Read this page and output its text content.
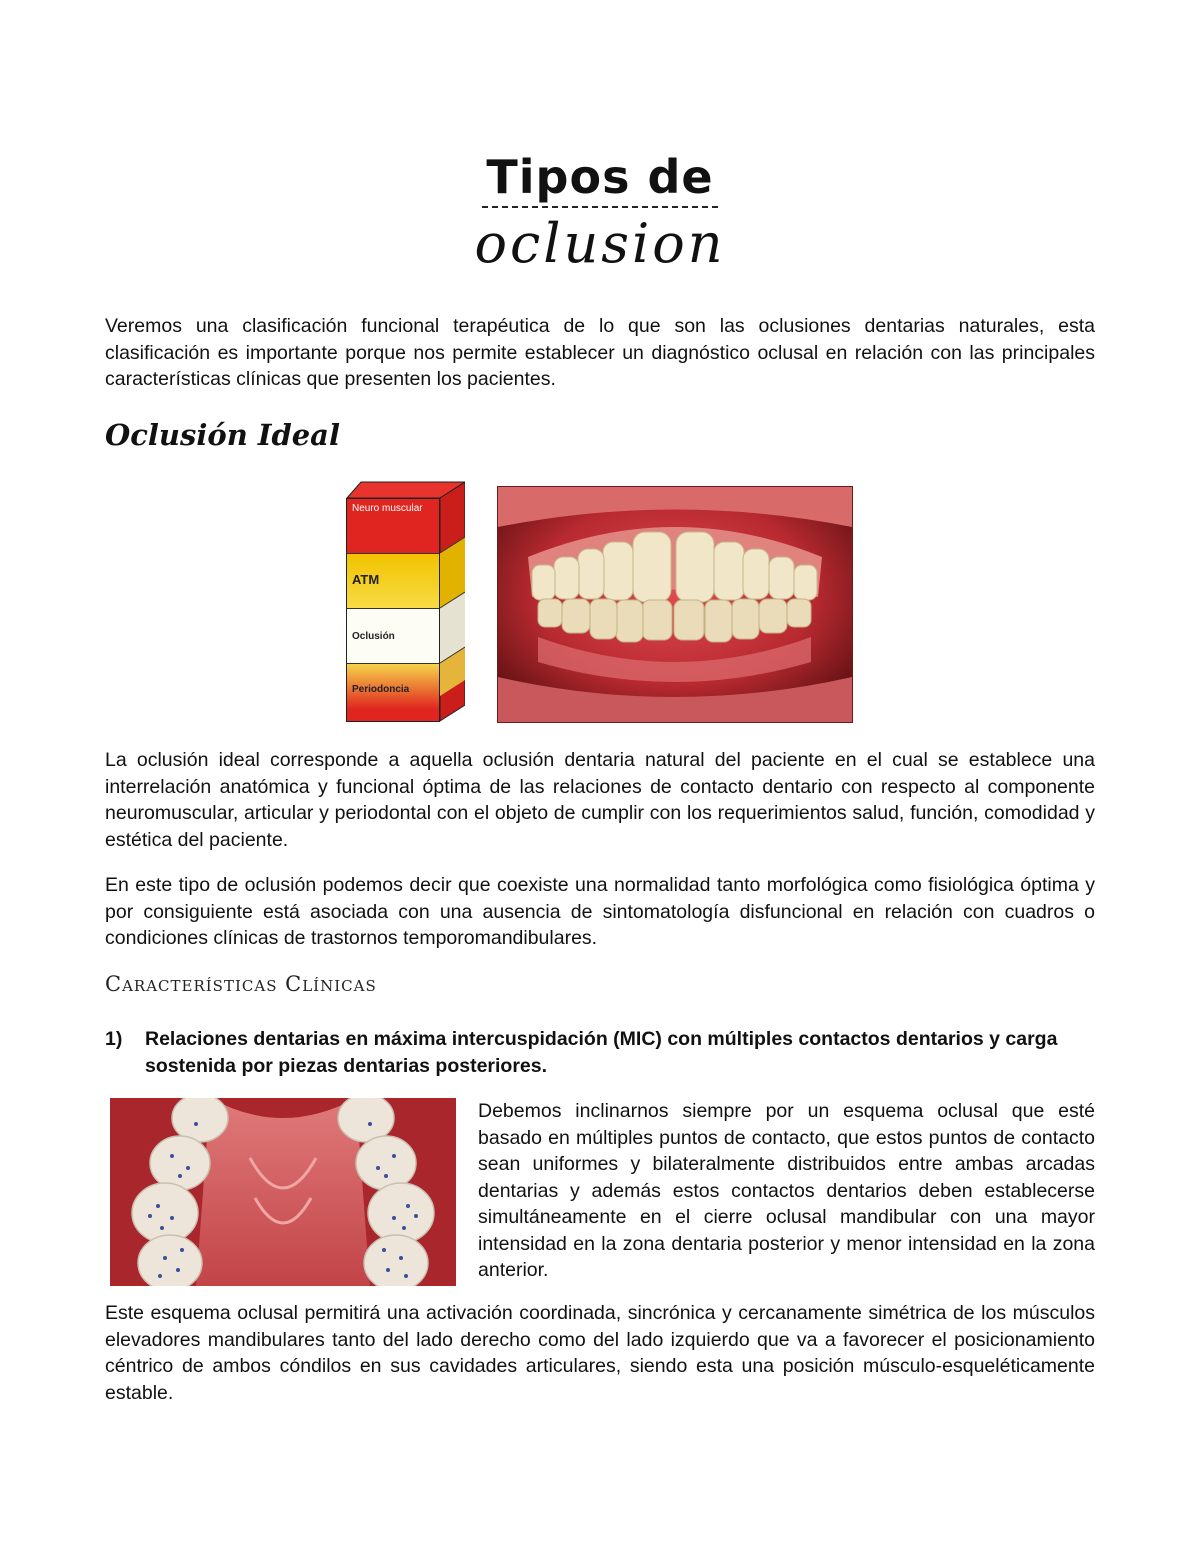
Tipos de
oclusion
Veremos una clasificación funcional terapéutica de lo que son las oclusiones dentarias naturales, esta clasificación es importante porque nos permite establecer un diagnóstico oclusal en relación con las principales características clínicas que presenten los pacientes.
Oclusión Ideal
Neuro muscular
ATM
Oclusión
Periodoncia
La oclusión ideal corresponde a aquella oclusión dentaria natural del paciente en el cual se establece una interrelación anatómica y funcional óptima de las relaciones de contacto dentario con respecto al componente neuromuscular, articular y periodontal con el objeto de cumplir con los requerimientos salud, función, comodidad y estética del paciente.
En este tipo de oclusión podemos decir que coexiste una normalidad tanto morfológica como fisiológica óptima y por consiguiente está asociada con una ausencia de sintomatología disfuncional en relación con cuadros o condiciones clínicas de trastornos temporomandibulares.
Características Clínicas
1) Relaciones dentarias en máxima intercuspidación (MIC) con múltiples contactos dentarios y carga sostenida por piezas dentarias posteriores.
Debemos inclinarnos siempre por un esquema oclusal que esté basado en múltiples puntos de contacto, que estos puntos de contacto sean uniformes y bilateralmente distribuidos entre ambas arcadas dentarias y además estos contactos dentarios deben establecerse simultáneamente en el cierre oclusal mandibular con una mayor intensidad en la zona dentaria posterior y menor intensidad en la zona anterior.
Este esquema oclusal permitirá una activación coordinada, sincrónica y cercanamente simétrica de los músculos elevadores mandibulares tanto del lado derecho como del lado izquierdo que va a favorecer el posicionamiento céntrico de ambos cóndilos en sus cavidades articulares, siendo esta una posición músculo-esqueléticamente estable.
